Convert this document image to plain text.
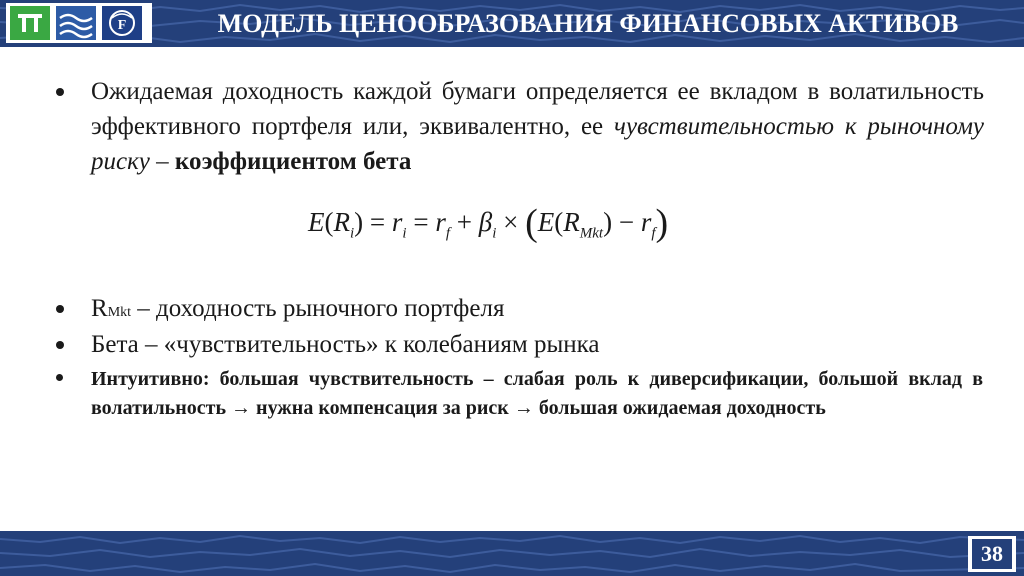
F	МОДЕЛЬ ЦЕНООБРАЗОВАНИЯ ФИНАНСОВЫХ АКТИВОВ
Ожидаемая доходность каждой бумаги определяется ее вкладом в волатильность эффективного портфеля или, эквивалентно, ее чувствительностью к рыночному риску – коэффициентом бета
$E(R_i) = r_i = r_f + \beta_i \times (E(R_{Mkt}) - r_f)$
RMkt – доходность рыночного портфеля
Бета – «чувствительность» к колебаниям рынка
Интуитивно: большая чувствительность – слабая роль к диверсификации, большой вклад в волатильность → нужна компенсация за риск → большая ожидаемая доходность
38
